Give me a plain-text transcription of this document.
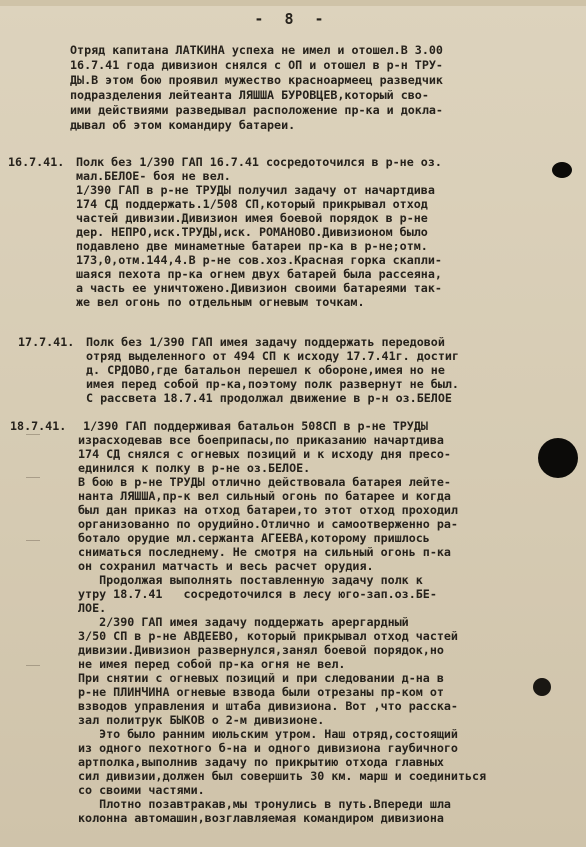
- 8 -
Отряд капитана ЛАТКИНА успеха не имел и отошел.В 3.00
16.7.41 года дивизион снялся с ОП и отошел в р-н ТРУ-
ДЫ.В этом бою проявил мужество красноармеец разведчик
подразделения лейтеанта ЛЯШША БУРОВЦЕВ,который сво-
ими действиями разведывал расположение пр-ка и докла-
дывал об этом командиру батареи.
16.7.41. Полк без 1/390 ГАП 16.7.41 сосредоточился в р-не оз.
мал.БЕЛОЕ- боя не вел.
1/390 ГАП в р-не ТРУДЫ получил задачу от начартдива
174 СД поддержать.1/508 СП,который прикрывал отход
частей дивизии.Дивизион имея боевой порядок в р-не
дер. НЕПРО,иск.ТРУДЫ,иск. РОМАНОВО.Дивизионом было
подавлено две минаметные батареи пр-ка в р-не;отм.
173,0,отм.144,4.В р-не сов.хоз.Красная горка скапли-
шаяся пехота пр-ка огнем двух батарей была рассеяна,
а часть ее уничтожено.Дивизион своими батареями так-
же вел огонь по отдельным огневым точкам.
17.7.41. Полк без 1/390 ГАП имея задачу поддержать передовой
отряд выделенного от 494 СП к исходу 17.7.41г. достиг
д. СРДОВО,где батальон перешел к обороне,имея но не
имея перед собой пр-ка,поэтому полк развернут не был.
С рассвета 18.7.41 продолжал движение в р-н оз.БЕЛОЕ
18.7.41.
1/390 ГАП поддерживая батальон 508СП в р-не ТРУДЫ
израсходевав все боеприпасы,по приказанию начартдива
174 СД снялся с огневых позиций и к исходу дня пресо-
единился к полку в р-не оз.БЕЛОЕ.
В бою в р-не ТРУДЫ отлично действовала батарея лейте-
нанта ЛЯШША,пр-к вел сильный огонь по батарее и когда
был дан приказ на отход батареи,то этот отход проходил
организованно по орудийно.Отлично и самоотверженно ра-
ботало орудие мл.сержанта АГЕЕВА,которому пришлось
сниматься последнему. Не смотря на сильный огонь п-ка
он сохранил матчасть и весь расчет орудия.
Продолжая выполнять поставленную задачу полк к
утру 18.7.41   сосредоточился в лесу юго-зап.оз.БЕ-
ЛОЕ.
2/390 ГАП имея задачу поддержать арергардный
3/50 СП в р-не АВДЕЕВО, который прикрывал отход частей
дивизии.Дивизион развернулся,занял боевой порядок,но
не имея перед собой пр-ка огня не вел.
При снятии с огневых позиций и при следовании д-на в
р-не ПЛИНЧИНА огневые взвода были отрезаны пр-ком от
взводов управления и штаба дивизиона. Вот ,что расска-
зал политрук БЫКОВ о 2-м дивизионе.
Это было ранним июльским утром. Наш отряд,состоящий
из одного пехотного б-на и одного дивизиона гаубичного
артполка,выполнив задачу по прикрытию отхода главных
сил дивизии,должен был совершить 30 км. марш и соединиться
со своими частями.
Плотно позавтракав,мы тронулись в путь.Впереди шла
колонна автомашин,возглавляемая командиром дивизиона
